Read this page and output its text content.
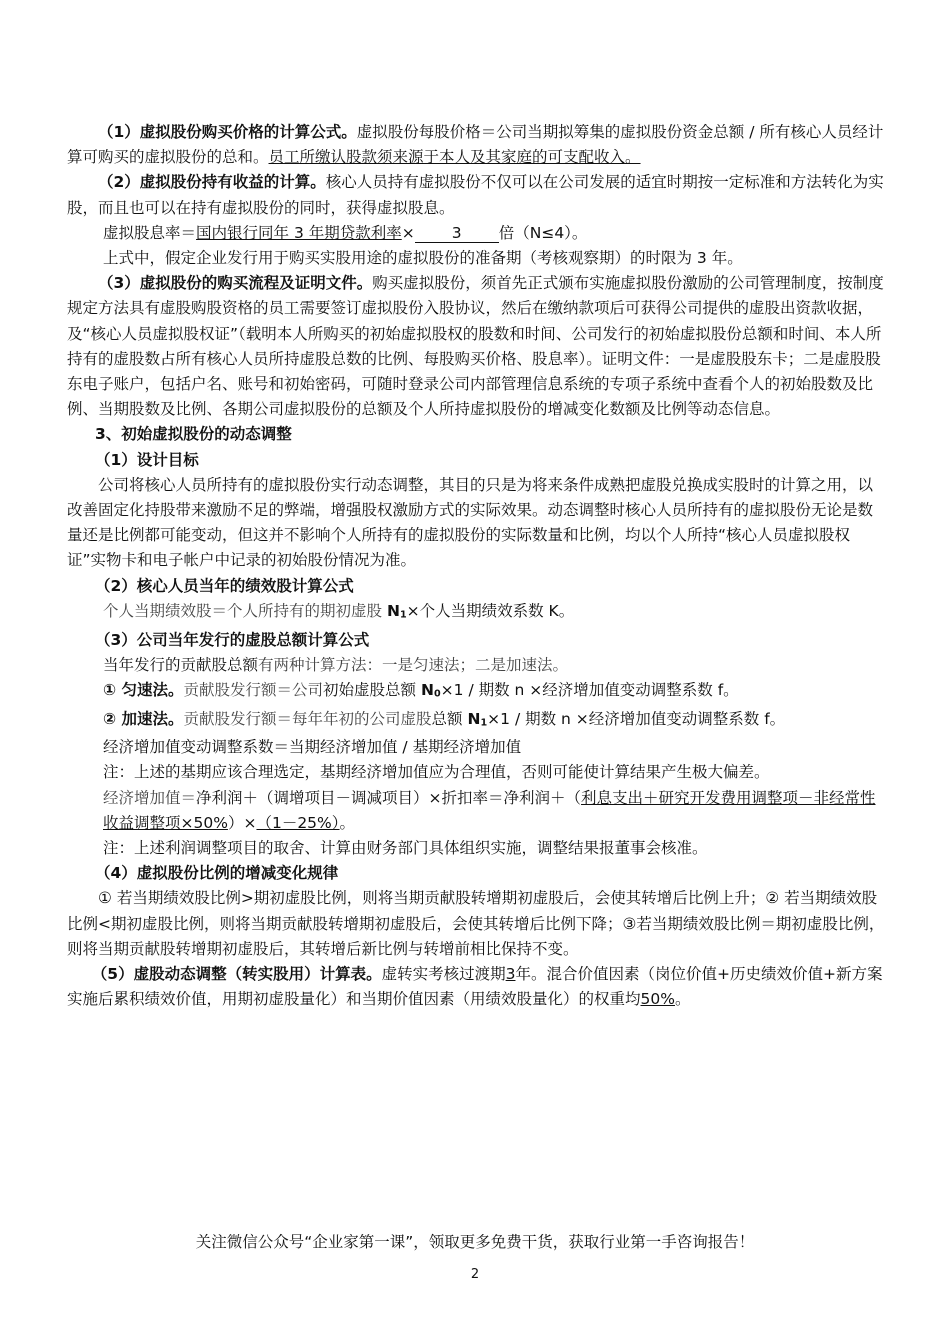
（1）虚拟股份购买价格的计算公式。虚拟股份每股价格＝公司当期拟筹集的虚拟股份资金总额 / 所有核心人员经计算可购买的虚拟股份的总和。员工所缴认股款须来源于本人及其家庭的可支配收入。

（2）虚拟股份持有收益的计算。核心人员持有虚拟股份不仅可以在公司发展的适宜时期按一定标准和方法转化为实股，而且也可以在持有虚拟股份的同时，获得虚拟股息。

虚拟股息率＝国内银行同年 3 年期贷款利率× 3 倍（N≤4）。

上式中，假定企业发行用于购买实股用途的虚拟股份的准备期（考核观察期）的时限为 3 年。

（3）虚拟股份的购买流程及证明文件。购买虚拟股份，须首先正式颁布实施虚拟股份激励的公司管理制度，按制度规定方法具有虚股购股资格的员工需要签订虚拟股份入股协议，然后在缴纳款项后可获得公司提供的虚股出资款收据，及“核心人员虚拟股权证”（载明本人所购买的初始虚拟股权的股数和时间、公司发行的初始虚拟股份总额和时间、本人所持有的虚股数占所有核心人员所持虚股总数的比例、每股购买价格、股息率）。证明文件：一是虚股股东卡；二是虚股股东电子账户，包括户名、账号和初始密码，可随时登录公司内部管理信息系统的专项子系统中查看个人的初始股数及比例、当期股数及比例、各期公司虚拟股份的总额及个人所持虚拟股份的增减变化数额及比例等动态信息。

3、初始虚拟股份的动态调整

（1）设计目标

公司将核心人员所持有的虚拟股份实行动态调整，其目的只是为将来条件成熟把虚股兑换成实股时的计算之用，以改善固定化持股带来激励不足的弊端，增强股权激励方式的实际效果。动态调整时核心人员所持有的虚拟股份无论是数量还是比例都可能变动，但这并不影响个人所持有的虚拟股份的实际数量和比例，均以个人所持“核心人员虚拟股权证”实物卡和电子帐户中记录的初始股份情况为准。

（2）核心人员当年的绩效股计算公式

个人当期绩效股＝个人所持有的期初虚股 $N_1\times$个人当期绩效系数 K。

（3）公司当年发行的虚股总额计算公式

当年发行的贡献股总额有两种计算方法：一是匀速法；二是加速法。

① 匀速法。贡献股发行额＝公司初始虚股总额 $N_0\times 1$ / 期数 n ×经济增加值变动调整系数 f。

② 加速法。贡献股发行额＝每年年初的公司虚股总额 $N_1\times 1$ / 期数 n ×经济增加值变动调整系数 f。

经济增加值变动调整系数＝当期经济增加值 / 基期经济增加值

注：上述的基期应该合理选定，基期经济增加值应为合理值，否则可能使计算结果产生极大偏差。

经济增加值＝净利润＋（调增项目－调减项目）×折扣率＝净利润＋（利息支出＋研究开发费用调整项－非经常性收益调整项×50%）×（1－25%）。

注：上述利润调整项目的取舍、计算由财务部门具体组织实施，调整结果报董事会核准。

（4）虚拟股份比例的增减变化规律

① 若当期绩效股比例>期初虚股比例，则将当期贡献股转增期初虚股后，会使其转增后比例上升；② 若当期绩效股比例<期初虚股比例，则将当期贡献股转增期初虚股后，会使其转增后比例下降；③若当期绩效股比例＝期初虚股比例，则将当期贡献股转增期初虚股后，其转增后新比例与转增前相比保持不变。

（5）虚股动态调整（转实股用）计算表。虚转实考核过渡期3年。混合价值因素（岗位价值+历史绩效价值+新方案实施后累积绩效价值，用期初虚股量化）和当期价值因素（用绩效股量化）的权重均50%。

关注微信公众号“企业家第一课”，领取更多免费干货，获取行业第一手咨询报告！
2
